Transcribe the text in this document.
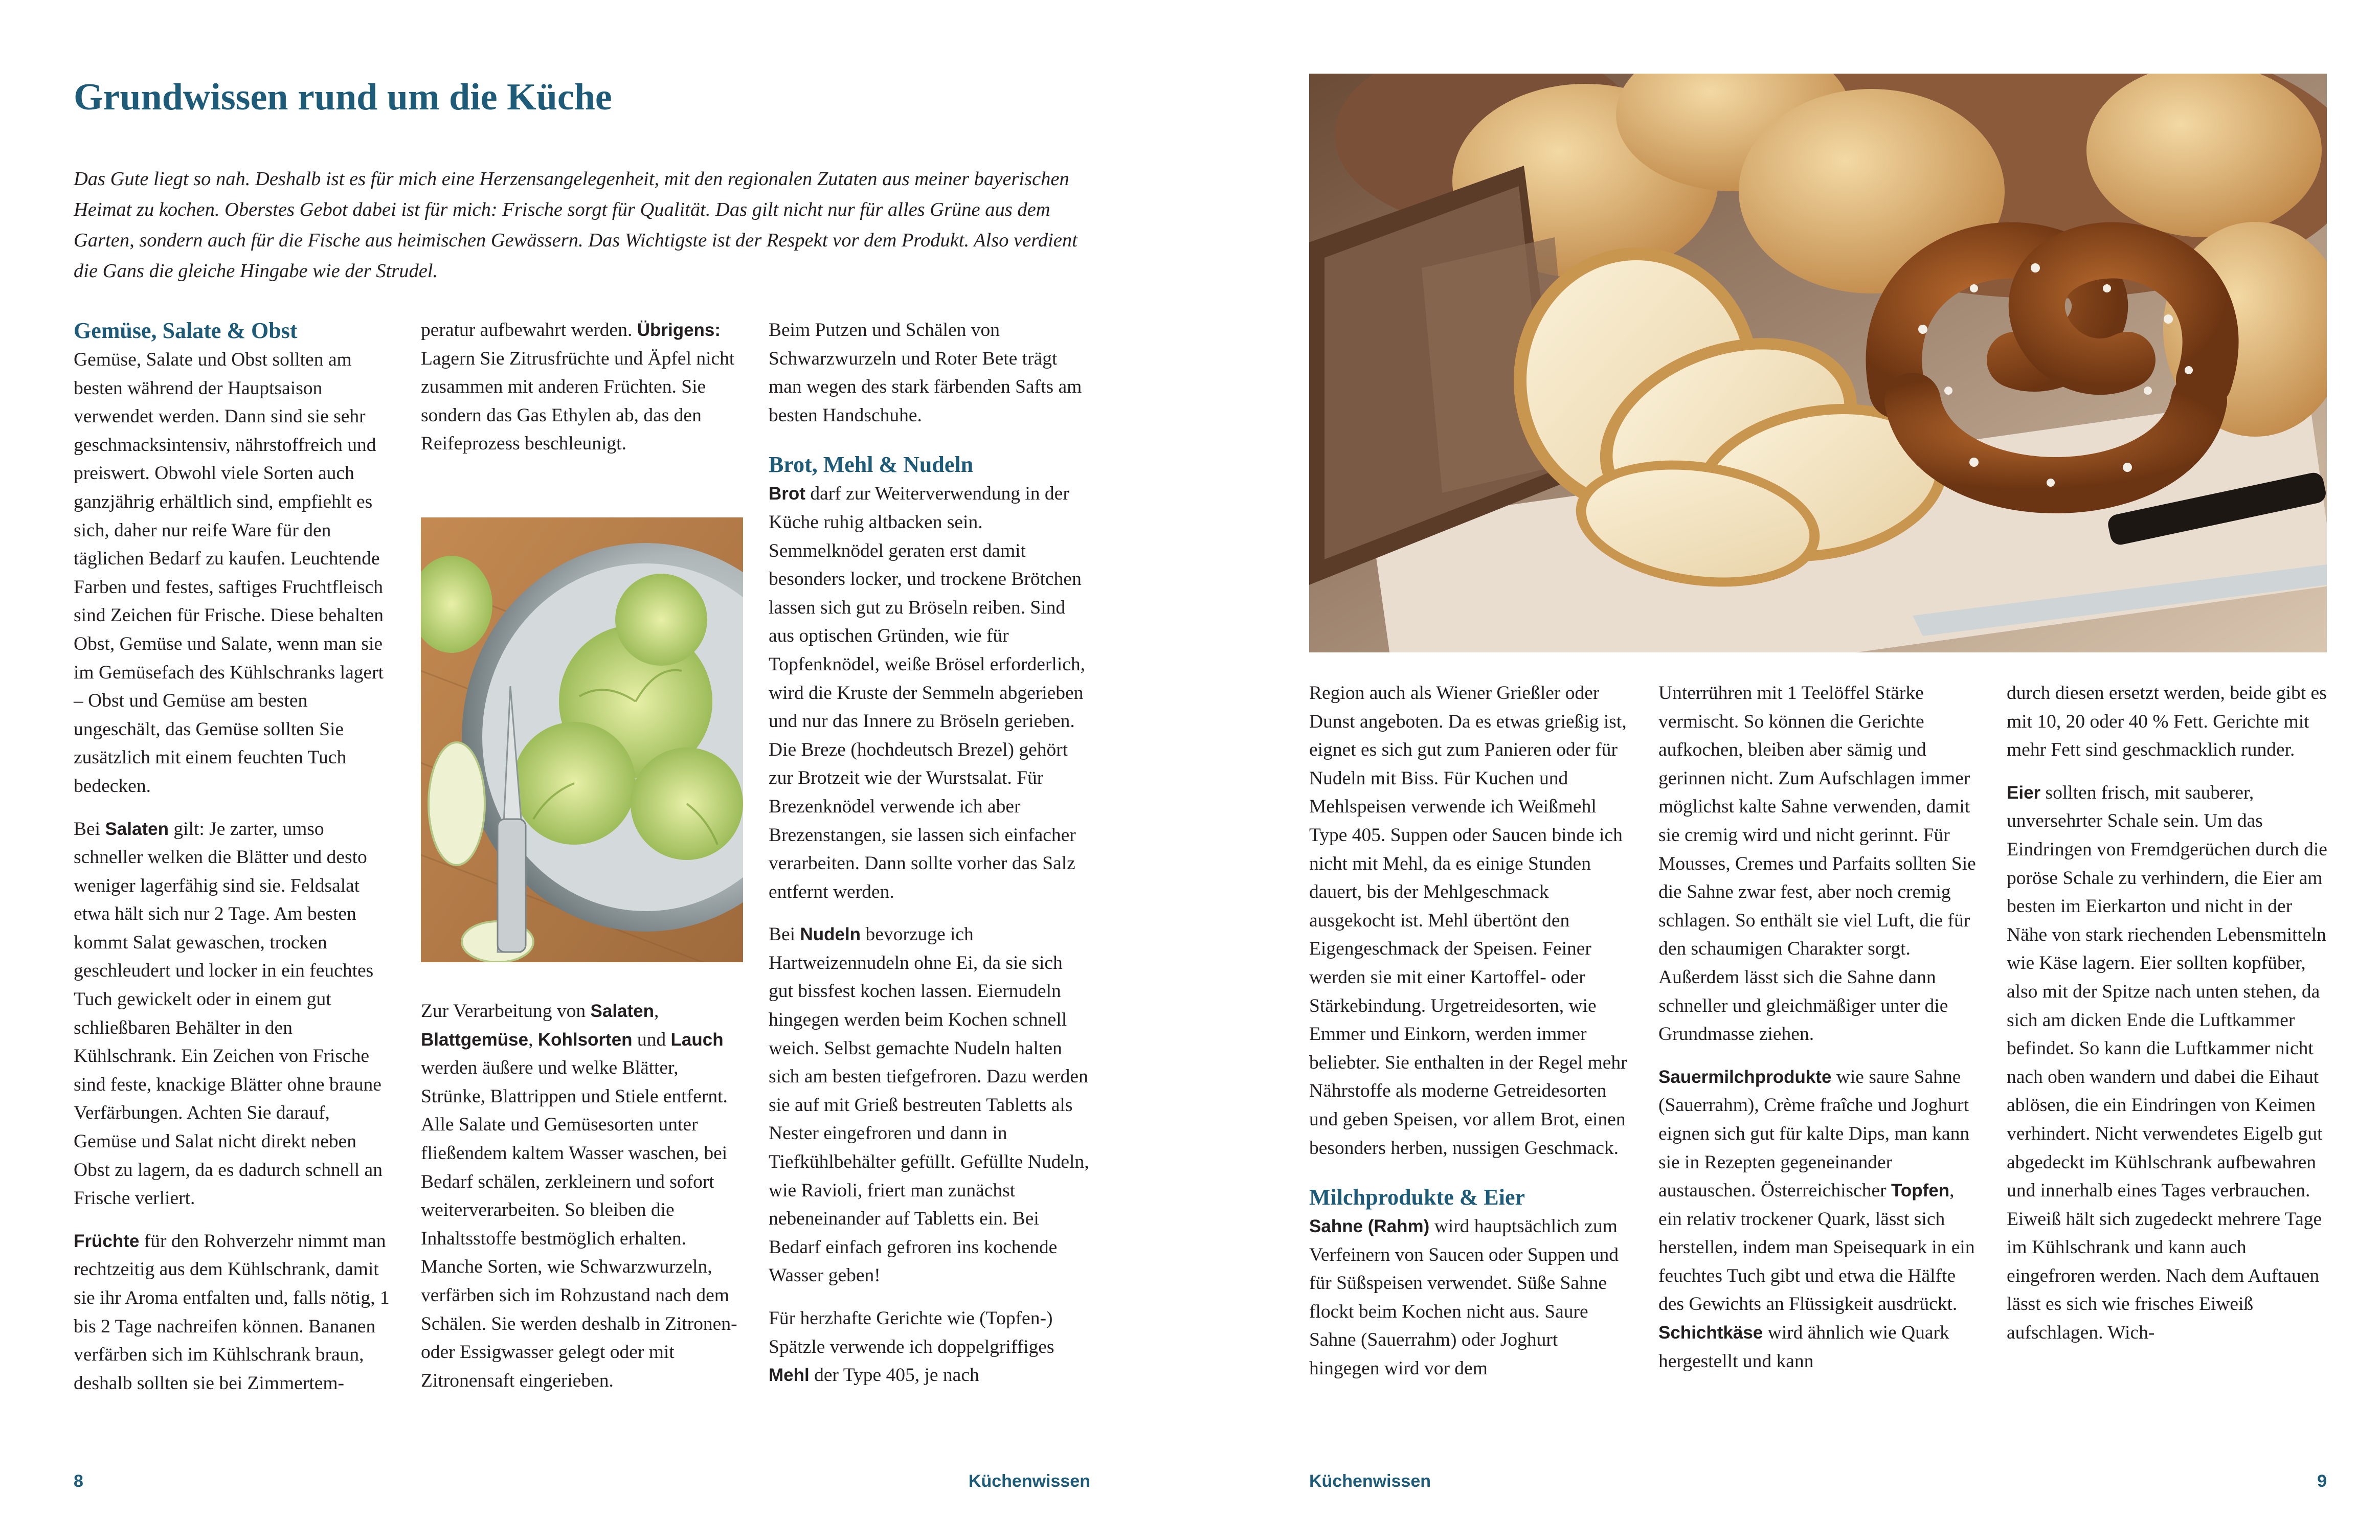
Grundwissen rund um die Küche

Das Gute liegt so nah. Deshalb ist es für mich eine Herzensangelegenheit, mit den regionalen Zutaten aus meiner bayerischen Heimat zu kochen. Oberstes Gebot dabei ist für mich: Frische sorgt für Qualität. Das gilt nicht nur für alles Grüne aus dem Garten, sondern auch für die Fische aus heimischen Gewässern. Das Wichtigste ist der Respekt vor dem Produkt. Also verdient die Gans die gleiche Hingabe wie der Strudel.

Gemüse, Salate & Obst

Gemüse, Salate und Obst sollten am besten während der Hauptsaison verwendet werden. Dann sind sie sehr geschmacksintensiv, nährstoffreich und preiswert. Obwohl viele Sorten auch ganzjährig erhältlich sind, empfiehlt es sich, daher nur reife Ware für den täglichen Bedarf zu kaufen. Leuchtende Farben und festes, saftiges Fruchtfleisch sind Zeichen für Frische. Diese behalten Obst, Gemüse und Salate, wenn man sie im Gemüsefach des Kühlschranks lagert – Obst und Gemüse am besten ungeschält, das Gemüse sollten Sie zusätzlich mit einem feuchten Tuch bedecken.

Bei Salaten gilt: Je zarter, umso schneller welken die Blätter und desto weniger lagerfähig sind sie. Feldsalat etwa hält sich nur 2 Tage. Am besten kommt Salat gewaschen, trocken geschleudert und locker in ein feuchtes Tuch gewickelt oder in einem gut schließbaren Behälter in den Kühlschrank. Ein Zeichen von Frische sind feste, knackige Blätter ohne braune Verfärbungen. Achten Sie darauf, Gemüse und Salat nicht direkt neben Obst zu lagern, da es dadurch schnell an Frische verliert.

Früchte für den Rohverzehr nimmt man rechtzeitig aus dem Kühlschrank, damit sie ihr Aroma entfalten und, falls nötig, 1 bis 2 Tage nachreifen können. Bananen verfärben sich im Kühlschrank braun, deshalb sollten sie bei Zimmertem-

peratur aufbewahrt werden. Übrigens: Lagern Sie Zitrusfrüchte und Äpfel nicht zusammen mit anderen Früchten. Sie sondern das Gas Ethylen ab, das den Reifeprozess beschleunigt.

Zur Verarbeitung von Salaten, Blattgemüse, Kohlsorten und Lauch werden äußere und welke Blätter, Strünke, Blattrippen und Stiele entfernt. Alle Salate und Gemüsesorten unter fließendem kaltem Wasser waschen, bei Bedarf schälen, zerkleinern und sofort weiterverarbeiten. So bleiben die Inhaltsstoffe bestmöglich erhalten. Manche Sorten, wie Schwarzwurzeln, verfärben sich im Rohzustand nach dem Schälen. Sie werden deshalb in Zitronen- oder Essigwasser gelegt oder mit Zitronensaft eingerieben.

Beim Putzen und Schälen von Schwarzwurzeln und Roter Bete trägt man wegen des stark färbenden Safts am besten Handschuhe.

Brot, Mehl & Nudeln

Brot darf zur Weiterverwendung in der Küche ruhig altbacken sein. Semmelknödel geraten erst damit besonders locker, und trockene Brötchen lassen sich gut zu Bröseln reiben. Sind aus optischen Gründen, wie für Topfenknödel, weiße Brösel erforderlich, wird die Kruste der Semmeln abgerieben und nur das Innere zu Bröseln gerieben. Die Breze (hochdeutsch Brezel) gehört zur Brotzeit wie der Wurstsalat. Für Brezenknödel verwende ich aber Brezenstangen, sie lassen sich einfacher verarbeiten. Dann sollte vorher das Salz entfernt werden.

Bei Nudeln bevorzuge ich Hartweizennudeln ohne Ei, da sie sich gut bissfest kochen lassen. Eiernudeln hingegen werden beim Kochen schnell weich. Selbst gemachte Nudeln halten sich am besten tiefgefroren. Dazu werden sie auf mit Grieß bestreuten Tabletts als Nester eingefroren und dann in Tiefkühlbehälter gefüllt. Gefüllte Nudeln, wie Ravioli, friert man zunächst nebeneinander auf Tabletts ein. Bei Bedarf einfach gefroren ins kochende Wasser geben!

Für herzhafte Gerichte wie (Topfen-) Spätzle verwende ich doppelgriffiges Mehl der Type 405, je nach

8	Küchenwissen

Region auch als Wiener Grießler oder Dunst angeboten. Da es etwas grießig ist, eignet es sich gut zum Panieren oder für Nudeln mit Biss. Für Kuchen und Mehlspeisen verwende ich Weißmehl Type 405. Suppen oder Saucen binde ich nicht mit Mehl, da es einige Stunden dauert, bis der Mehlgeschmack ausgekocht ist. Mehl übertönt den Eigengeschmack der Speisen. Feiner werden sie mit einer Kartoffel- oder Stärkebindung. Urgetreidesorten, wie Emmer und Einkorn, werden immer beliebter. Sie enthalten in der Regel mehr Nährstoffe als moderne Getreidesorten und geben Speisen, vor allem Brot, einen besonders herben, nussigen Geschmack.

Milchprodukte & Eier

Sahne (Rahm) wird hauptsächlich zum Verfeinern von Saucen oder Suppen und für Süßspeisen verwendet. Süße Sahne flockt beim Kochen nicht aus. Saure Sahne (Sauerrahm) oder Joghurt hingegen wird vor dem

Unterrühren mit 1 Teelöffel Stärke vermischt. So können die Gerichte aufkochen, bleiben aber sämig und gerinnen nicht. Zum Aufschlagen immer möglichst kalte Sahne verwenden, damit sie cremig wird und nicht gerinnt. Für Mousses, Cremes und Parfaits sollten Sie die Sahne zwar fest, aber noch cremig schlagen. So enthält sie viel Luft, die für den schaumigen Charakter sorgt. Außerdem lässt sich die Sahne dann schneller und gleichmäßiger unter die Grundmasse ziehen.

Sauermilchprodukte wie saure Sahne (Sauerrahm), Crème fraîche und Joghurt eignen sich gut für kalte Dips, man kann sie in Rezepten gegeneinander austauschen. Österreichischer Topfen, ein relativ trockener Quark, lässt sich herstellen, indem man Speisequark in ein feuchtes Tuch gibt und etwa die Hälfte des Gewichts an Flüssigkeit ausdrückt. Schichtkäse wird ähnlich wie Quark hergestellt und kann

durch diesen ersetzt werden, beide gibt es mit 10, 20 oder 40 % Fett. Gerichte mit mehr Fett sind geschmacklich runder.

Eier sollten frisch, mit sauberer, unversehrter Schale sein. Um das Eindringen von Fremdgerüchen durch die poröse Schale zu verhindern, die Eier am besten im Eierkarton und nicht in der Nähe von stark riechenden Lebensmitteln wie Käse lagern. Eier sollten kopfüber, also mit der Spitze nach unten stehen, da sich am dicken Ende die Luftkammer befindet. So kann die Luftkammer nicht nach oben wandern und dabei die Eihaut ablösen, die ein Eindringen von Keimen verhindert. Nicht verwendetes Eigelb gut abgedeckt im Kühlschrank aufbewahren und innerhalb eines Tages verbrauchen. Eiweiß hält sich zugedeckt mehrere Tage im Kühlschrank und kann auch eingefroren werden. Nach dem Auftauen lässt es sich wie frisches Eiweiß aufschlagen. Wich-

Küchenwissen	9
